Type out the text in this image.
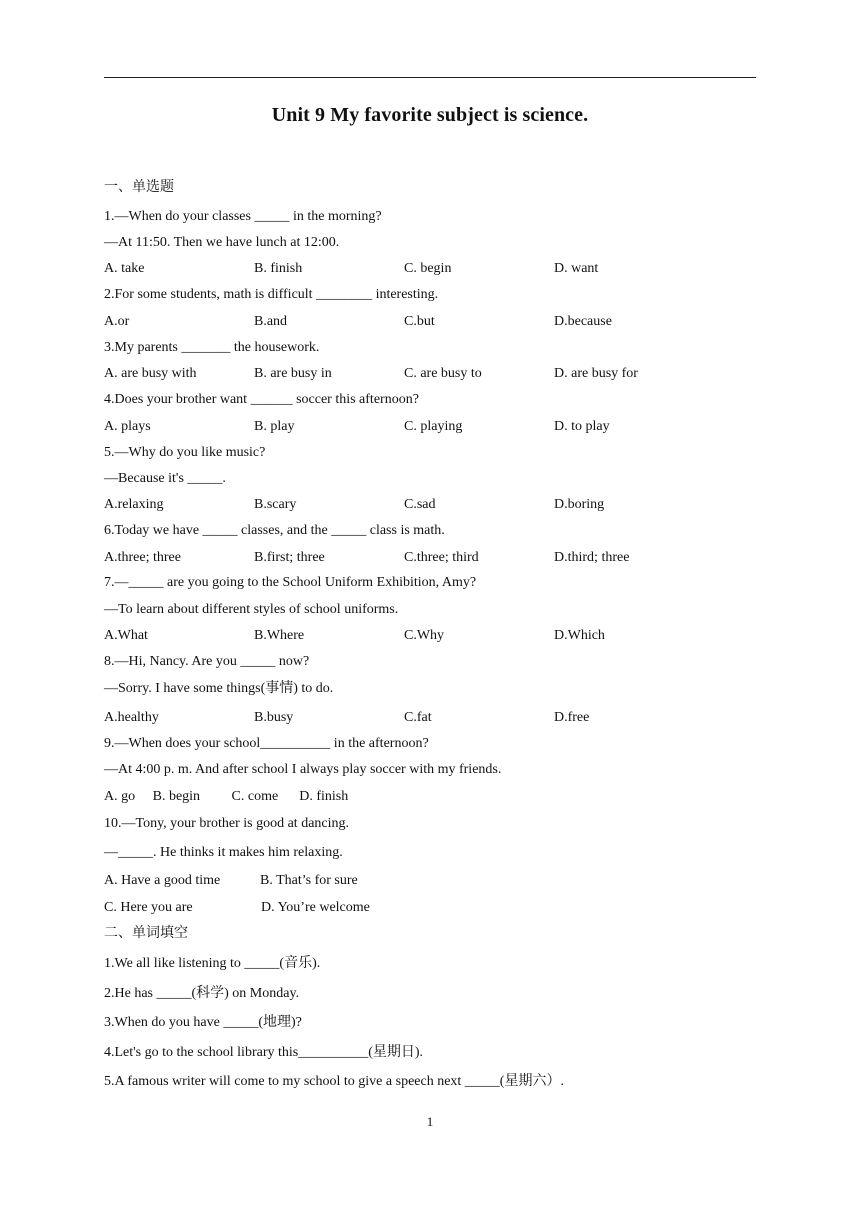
Unit 9 My favorite subject is science.
一、单选题
1.—When do your classes _____ in the morning?
—At 11:50. Then we have lunch at 12:00.
A. take	B. finish	C. begin	D. want
2.For some students, math is difficult ________ interesting.
A.or	B.and	C.but	D.because
3.My parents _______ the housework.
A. are busy with	B. are busy in	C. are busy to	D. are busy for
4.Does your brother want ______ soccer this afternoon?
A. plays	B. play	C. playing	D. to play
5.—Why do you like music?
—Because it's _____.
A.relaxing	B.scary	C.sad	D.boring
6.Today we have _____ classes, and the _____ class is math.
A.three; three	B.first; three	C.three; third	D.third; three
7.—_____ are you going to the School Uniform Exhibition, Amy?
—To learn about different styles of school uniforms.
A.What	B.Where	C.Why	D.Which
8.—Hi, Nancy. Are you _____ now?
—Sorry. I have some things(事情) to do.
A.healthy	B.busy	C.fat	D.free
9.—When does your school__________ in the afternoon?
—At 4:00 p. m. And after school I always play soccer with my friends.
A. go     B. begin         C. come      D. finish
10.—Tony, your brother is good at dancing.
—_____. He thinks it makes him relaxing.
A. Have a good time	B. That’s for sure
C. Here you are	D. You’re welcome
二、单词填空
1.We all like listening to _____(音乐).
2.He has _____(科学) on Monday.
3.When do you have _____(地理)?
4.Let's go to the school library this__________(星期日).
5.A famous writer will come to my school to give a speech next _____(星期六）.
1
